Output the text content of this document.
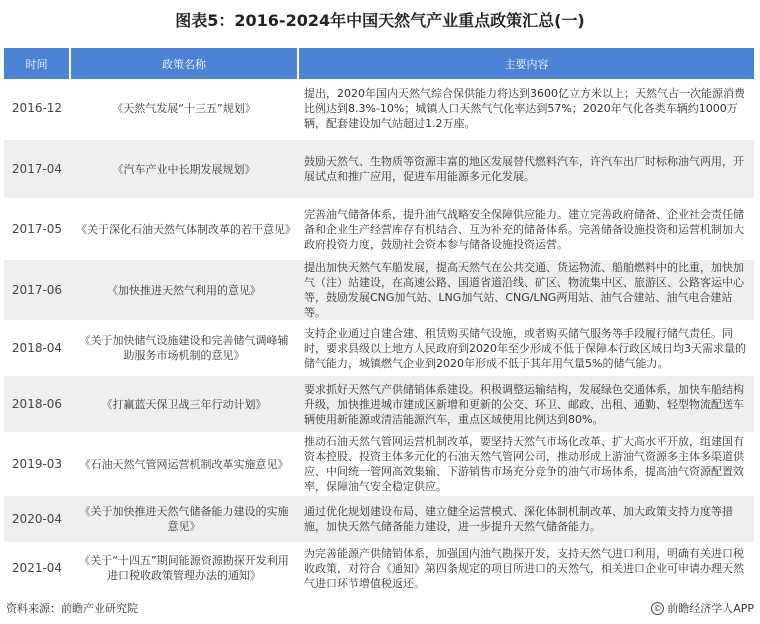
图表5：2016-2024年中国天然气产业重点政策汇总(一)
时间	政策名称	主要内容
2016-12	《天然气发展“十三五”规划》	提出，2020年国内天然气综合保供能力将达到3600亿立方米以上；天然气占一次能源消费比例达到8.3%-10%；城镇人口天然气气化率达到57%；2020年气化各类车辆约1000万辆，配套建设加气站超过1.2万座。
2017-04	《汽车产业中长期发展规划》	鼓励天然气、生物质等资源丰富的地区发展替代燃料汽车，许汽车出厂时标称油气两用，开展试点和推广应用，促进车用能源多元化发展。
2017-05	《关于深化石油天然气体制改革的若干意见》	完善油气储备体系，提升油气战略安全保障供应能力。建立完善政府储备、企业社会责任储备和企业生产经营库存有机结合、互为补充的储备体系。完善储备设施投资和运营机制加大政府投资力度，鼓励社会资本参与储备设施投资运营。
2017-06	《加快推进天然气利用的意见》	提出加快天然气车船发展，提高天然气在公共交通、货运物流、船舶燃料中的比重，加快加气（注）站建设，在高速公路、国道省道沿线、矿区、物流集中区、旅游区、公路客运中心等，鼓励发展CNG加气站、LNG加气站、CNG/LNG两用站、油气合建站、油气电合建站等。
2018-04	《关于加快储气设施建设和完善储气调峰辅助服务市场机制的意见》	支持企业通过自建合建、租赁购买储气设施，或者购买储气服务等手段履行储气责任。同时，要求县级以上地方人民政府到2020年至少形成不低于保障本行政区域日均3天需求量的储气能力，城镇燃气企业到2020年形成不低于其年用气量5%的储气能力。
2018-06	《打赢蓝天保卫战三年行动计划》	要求抓好天然气产供储销体系建设。积极调整运输结构，发展绿色交通体系，加快车船结构升级，加快推进城市建成区新增和更新的公交、环卫、邮政、出租、通勤、轻型物流配送车辆使用新能源或清洁能源汽车，重点区域使用比例达到80%。
2019-03	《石油天然气管网运营机制改革实施意见》	推动石油天然气管网运营机制改革，要坚持天然气市场化改革、扩大高水平开放，组建国有资本控股、投资主体多元化的石油天然气管网公司，推动形成上游油气资源多主体多渠道供应、中间统一管网高效集输、下游销售市场充分竞争的油气市场体系，提高油气资源配置效率，保障油气安全稳定供应。
2020-04	《关于加快推进天然气储备能力建设的实施意见》	通过优化规划建设布局、建立健全运营模式、深化体制机制改革、加大政策支持力度等措施，加快天然气储备能力建设，进一步提升天然气储备能力。
2021-04	《关于“十四五”期间能源资源勘探开发利用进口税收政策管理办法的通知》	为完善能源产供储销体系，加强国内油气勘探开发，支持天然气进口利用，明确有关进口税收政策，对符合《通知》第四条规定的项目所进口的天然气，相关进口企业可申请办理天然气进口环节增值税返还。
资料来源：前瞻产业研究院	© 前瞻经济学人APP
